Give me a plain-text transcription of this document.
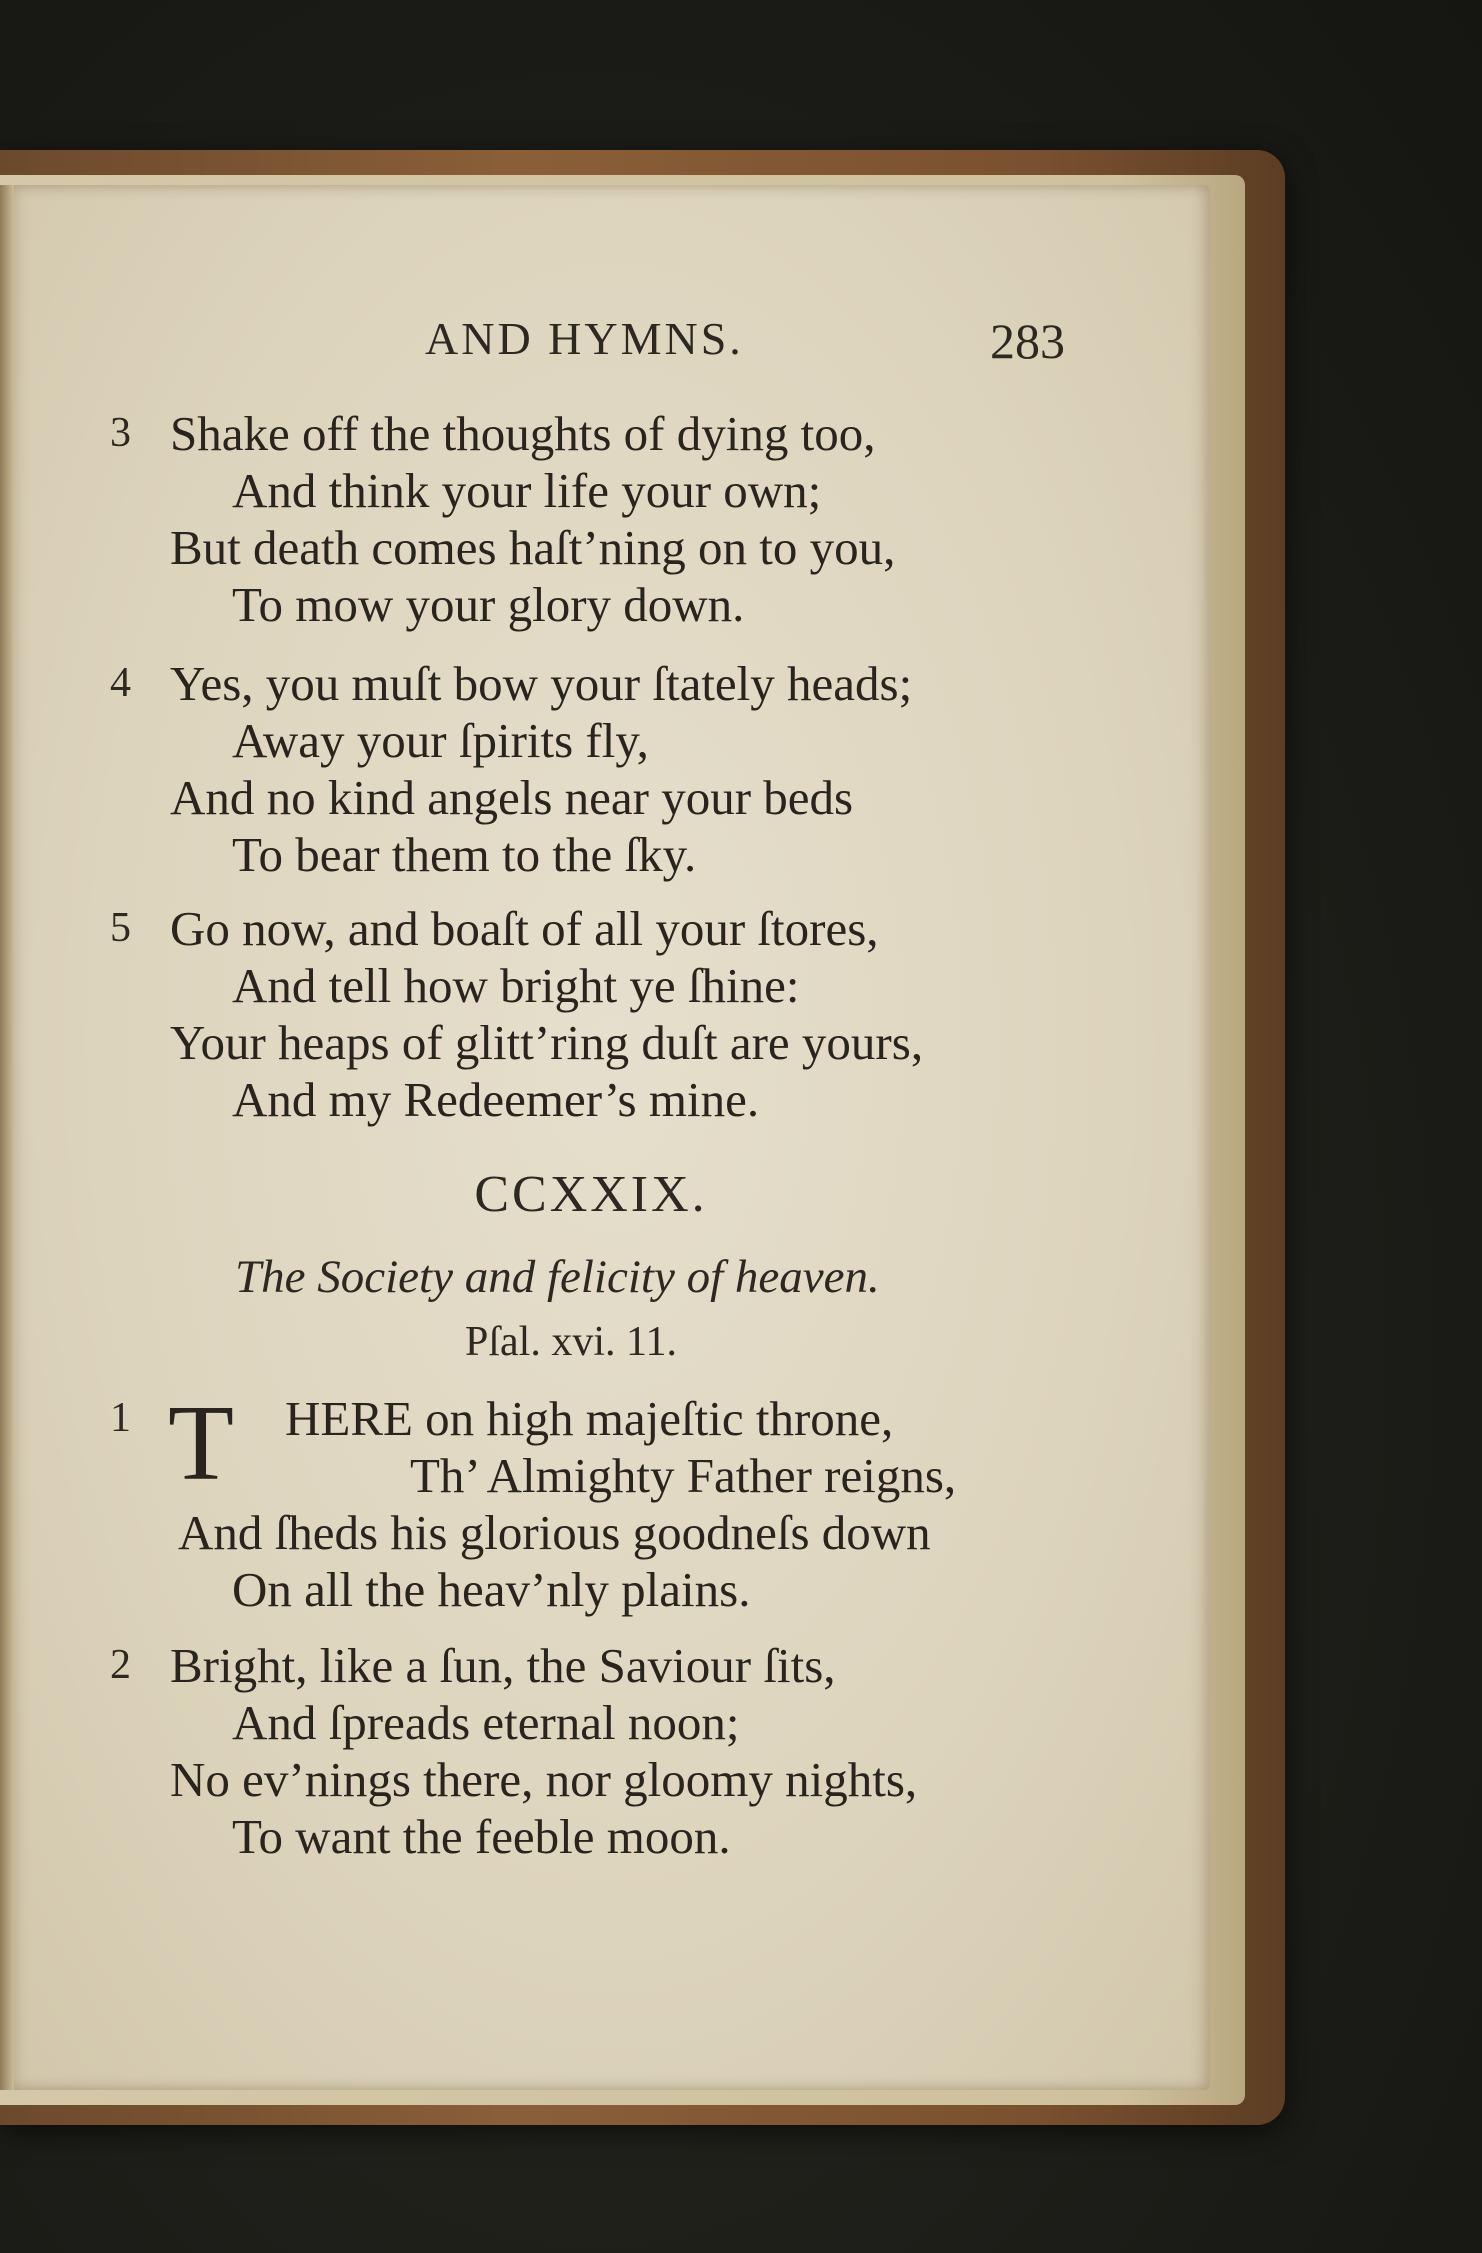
AND HYMNS.	283
3 Shake off the thoughts of dying too,
And think your life your own;
But death comes haſt’ning on to you,
To mow your glory down.
4 Yes, you muſt bow your ſtately heads;
Away your ſpirits fly,
And no kind angels near your beds
To bear them to the ſky.
5 Go now, and boaſt of all your ſtores,
And tell how bright ye ſhine:
Your heaps of glitt’ring duſt are yours,
And my Redeemer’s mine.
CCXXIX.
The Society and felicity of heaven.
Pſal. xvi. 11.
1 T	HERE on high majeſtic throne,
Th’ Almighty Father reigns,
And ſheds his glorious goodneſs down
On all the heav’nly plains.
2 Bright, like a ſun, the Saviour ſits,
And ſpreads eternal noon;
No ev’nings there, nor gloomy nights,
To want the feeble moon.
